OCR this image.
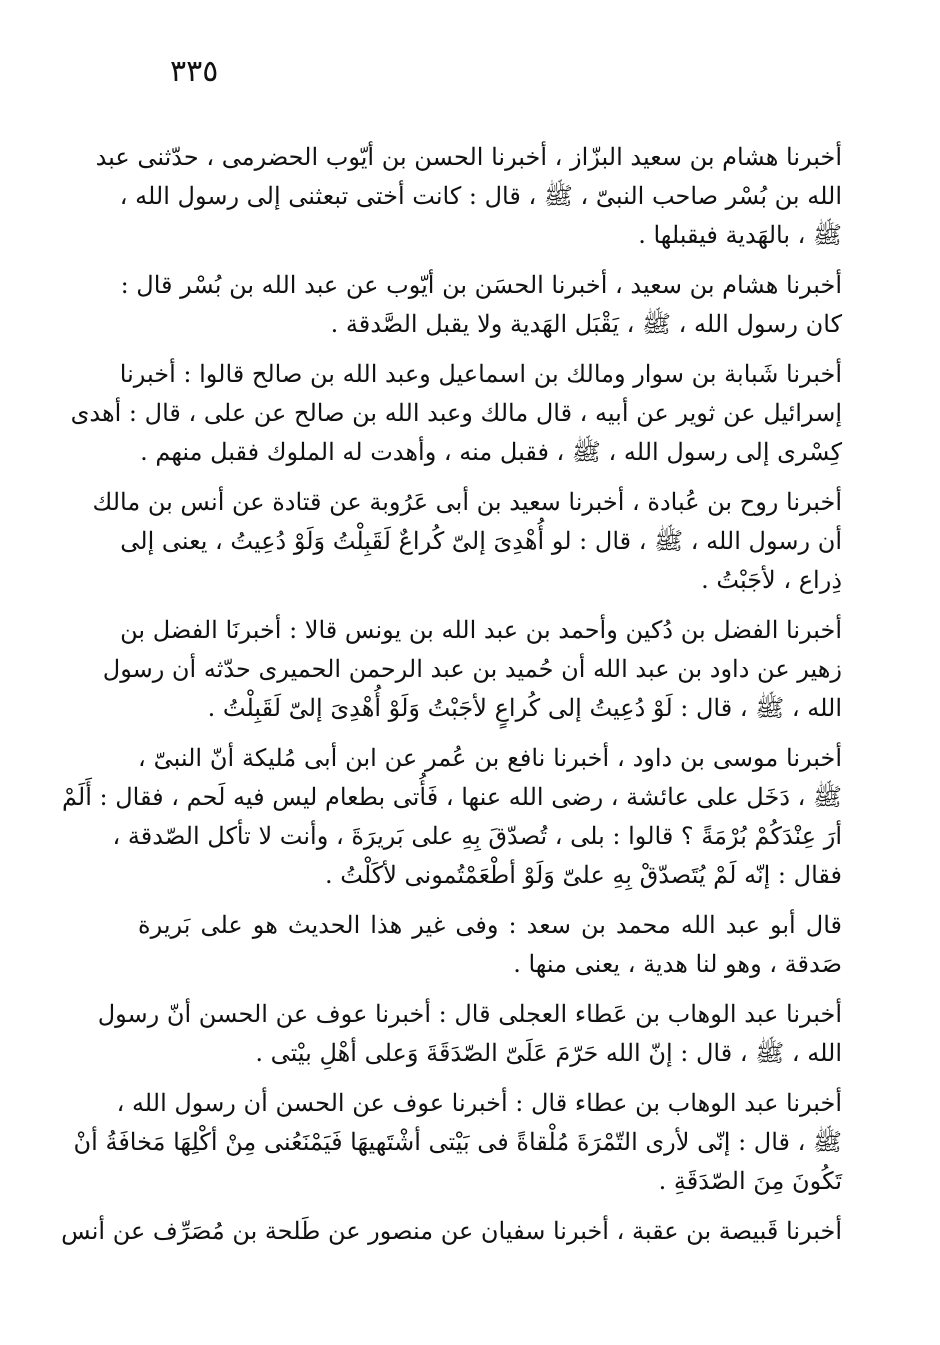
٣٣٥
أخبرنا هشام بن سعيد البزّاز ، أخبرنا الحسن بن أيّوب الحضرمى ، حدّثنى عبد
الله بن بُسْر صاحب النبىّ ، ﷺ ، قال : كانت أختى تبعثنى إلى رسول الله ،
ﷺ ، بالهَدية فيقبلها .
أخبرنا هشام بن سعيد ، أخبرنا الحسَن بن أيّوب عن عبد الله بن بُسْر قال :
كان رسول الله ، ﷺ ، يَقْبَل الهَدية ولا يقبل الصَّدقة .
أخبرنا شَبابة بن سوار ومالك بن اسماعيل وعبد الله بن صالح قالوا : أخبرنا
إسرائيل عن ثوير عن أبيه ، قال مالك وعبد الله بن صالح عن على ، قال : أهدى
كِسْرى إلى رسول الله ، ﷺ ، فقبل منه ، وأهدت له الملوك فقبل منهم .
أخبرنا روح بن عُبادة ، أخبرنا سعيد بن أبى عَرُوبة عن قتادة عن أنس بن مالك
أن رسول الله ، ﷺ ، قال : لو أُهْدِىَ إلىّ كُراعٌ لَقَبِلْتُ وَلَوْ دُعِيتُ ، يعنى إلى
ذِراع ، لأجَبْتُ .
أخبرنا الفضل بن دُكين وأحمد بن عبد الله بن يونس قالا : أخبرنَا الفضل بن
زهير عن داود بن عبد الله أن حُميد بن عبد الرحمن الحميرى حدّثه أن رسول
الله ، ﷺ ، قال : لَوْ دُعِيتُ إلى كُراعٍ لأجَبْتُ وَلَوْ أُهْدِىَ إلىّ لَقَبِلْتُ .
أخبرنا موسى بن داود ، أخبرنا نافع بن عُمر عن ابن أبى مُليكة أنّ النبىّ ،
ﷺ ، دَخَل على عائشة ، رضى الله عنها ، فَأُتى بطعام ليس فيه لَحم ، فقال : أَلَمْ
أرَ عِنْدَكُمْ بُرْمَةً ؟ قالوا : بلى ، تُصدّقَ بِهِ على بَريرَةَ ، وأنت لا تأكل الصّدقة ،
فقال : إنّه لَمْ يُتَصدّقْ بِهِ علىّ وَلَوْ أطْعَمْتُمونى لأكَلْتُ .
قال أبو عبد الله محمد بن سعد : وفى غير هذا الحديث هو على بَريرة
صَدقة ، وهو لنا هدية ، يعنى منها .
أخبرنا عبد الوهاب بن عَطاء العجلى قال : أخبرنا عوف عن الحسن أنّ رسول
الله ، ﷺ ، قال : إنّ الله حَرّمَ عَلَىّ الصّدَقَةَ وَعلى أهْلِ بيْتى .
أخبرنا عبد الوهاب بن عطاء قال : أخبرنا عوف عن الحسن أن رسول الله ،
ﷺ ، قال : إنّى لأرى التّمْرَةَ مُلْقاةً فى بَيْتى أشْتَهيهَا فَيَمْنَعُنى مِنْ أكْلِهَا مَخافَةُ أنْ
تَكُونَ مِنَ الصّدَقَةِ .
أخبرنا قَبيصة بن عقبة ، أخبرنا سفيان عن منصور عن طَلحة بن مُصَرِّف عن أنس
